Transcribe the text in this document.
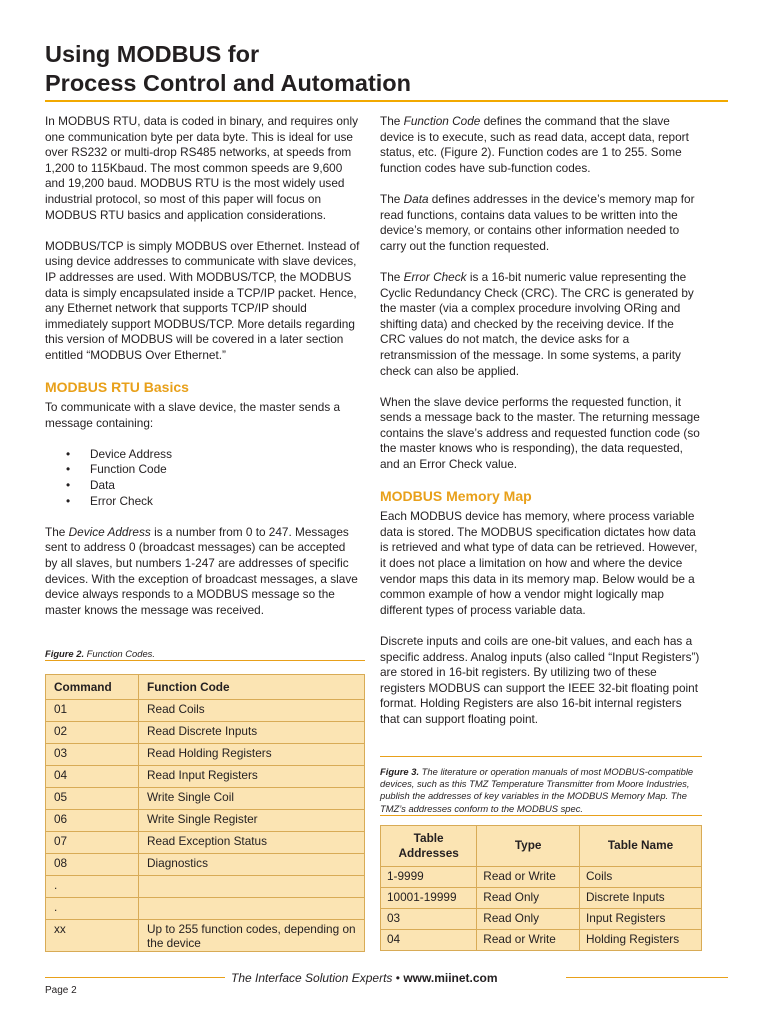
Using MODBUS for
Process Control and Automation

In MODBUS RTU, data is coded in binary, and requires only one communication byte per data byte. This is ideal for use over RS232 or multi-drop RS485 networks, at speeds from 1,200 to 115Kbaud. The most common speeds are 9,600 and 19,200 baud. MODBUS RTU is the most widely used industrial protocol, so most of this paper will focus on MODBUS RTU basics and application considerations.

MODBUS/TCP is simply MODBUS over Ethernet. Instead of using device addresses to communicate with slave devices, IP addresses are used. With MODBUS/TCP, the MODBUS data is simply encapsulated inside a TCP/IP packet. Hence, any Ethernet network that supports TCP/IP should immediately support MODBUS/TCP. More details regarding this version of MODBUS will be covered in a later section entitled “MODBUS Over Ethernet.”

MODBUS RTU Basics

To communicate with a slave device, the master sends a message containing:

• Device Address
• Function Code
• Data
• Error Check

The Device Address is a number from 0 to 247. Messages sent to address 0 (broadcast messages) can be accepted by all slaves, but numbers 1-247 are addresses of specific devices. With the exception of broadcast messages, a slave device always responds to a MODBUS message so the master knows the message was received.

The Function Code defines the command that the slave device is to execute, such as read data, accept data, report status, etc. (Figure 2). Function codes are 1 to 255. Some function codes have sub-function codes.

The Data defines addresses in the device’s memory map for read functions, contains data values to be written into the device’s memory, or contains other information needed to carry out the function requested.

The Error Check is a 16-bit numeric value representing the Cyclic Redundancy Check (CRC). The CRC is generated by the master (via a complex procedure involving ORing and shifting data) and checked by the receiving device. If the CRC values do not match, the device asks for a retransmission of the message. In some systems, a parity check can also be applied.

When the slave device performs the requested function, it sends a message back to the master. The returning message contains the slave’s address and requested function code (so the master knows who is responding), the data requested, and an Error Check value.

MODBUS Memory Map

Each MODBUS device has memory, where process variable data is stored. The MODBUS specification dictates how data is retrieved and what type of data can be retrieved. However, it does not place a limitation on how and where the device vendor maps this data in its memory map. Below would be a common example of how a vendor might logically map different types of process variable data.

Discrete inputs and coils are one-bit values, and each has a specific address. Analog inputs (also called “Input Registers”) are stored in 16-bit registers. By utilizing two of these registers MODBUS can support the IEEE 32-bit floating point format. Holding Registers are also 16-bit internal registers that can support floating point.

Figure 2. Function Codes.

Command	Function Code
01	Read Coils
02	Read Discrete Inputs
03	Read Holding Registers
04	Read Input Registers
05	Write Single Coil
06	Write Single Register
07	Read Exception Status
08	Diagnostics
.	
.	
xx	Up to 255 function codes, depending on the device

Figure 3. The literature or operation manuals of most MODBUS-compatible devices, such as this TMZ Temperature Transmitter from Moore Industries, publish the addresses of key variables in the MODBUS Memory Map. The TMZ’s addresses conform to the MODBUS spec.

Table Addresses	Type	Table Name
1-9999	Read or Write	Coils
10001-19999	Read Only	Discrete Inputs
03	Read Only	Input Registers
04	Read or Write	Holding Registers
The Interface Solution Experts • www.miinet.com
Page 2
